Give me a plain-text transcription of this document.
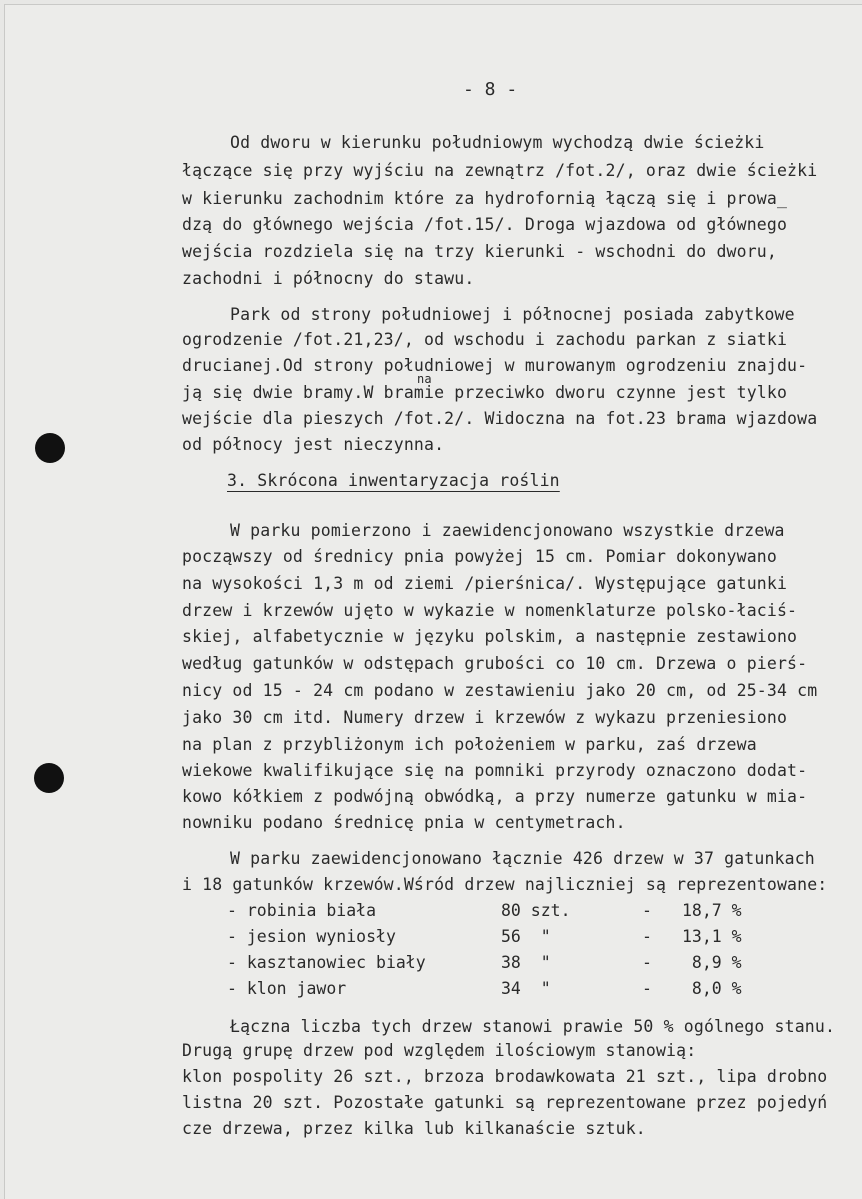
- 8 -
Od dworu w kierunku południowym wychodzą dwie ścieżki
łączące się przy wyjściu na zewnątrz /fot.2/, oraz dwie ścieżki
w kierunku zachodnim które za hydrofornią łączą się i prowa_
dzą do głównego wejścia /fot.15/. Droga wjazdowa od głównego
wejścia rozdziela się na trzy kierunki - wschodni do dworu,
zachodni i północny do stawu.
Park od strony południowej i północnej posiada zabytkowe
ogrodzenie /fot.21,23/, od wschodu i zachodu parkan z siatki
drucianej.Od strony południowej w murowanym ogrodzeniu znajdu-
ją się dwie bramy.W bramie przeciwko dworu czynne jest tylko
na
wejście dla pieszych /fot.2/. Widoczna na fot.23 brama wjazdowa
od północy jest nieczynna.
3. Skrócona inwentaryzacja roślin
W parku pomierzono i zaewidencjonowano wszystkie drzewa
począwszy od średnicy pnia powyżej 15 cm. Pomiar dokonywano
na wysokości 1,3 m od ziemi /pierśnica/. Występujące gatunki
drzew i krzewów ujęto w wykazie w nomenklaturze polsko-łaciś-
skiej, alfabetycznie w języku polskim, a następnie zestawiono
według gatunków w odstępach grubości co 10 cm. Drzewa o pierś-
nicy od 15 - 24 cm podano w zestawieniu jako 20 cm, od 25-34 cm
jako 30 cm itd. Numery drzew i krzewów z wykazu przeniesiono
na plan z przybliżonym ich położeniem w parku, zaś drzewa
wiekowe kwalifikujące się na pomniki przyrody oznaczono dodat-
kowo kółkiem z podwójną obwódką, a przy numerze gatunku w mia-
nowniku podano średnicę pnia w centymetrach.
W parku zaewidencjonowano łącznie 426 drzew w 37 gatunkach
i 18 gatunków krzewów.Wśród drzew najliczniej są reprezentowane:
- robinia biała	80 szt.	- 18,7 %
- jesion wyniosły	56  "	- 13,1 %
- kasztanowiec biały	38  "	- 8,9 %
- klon jawor	34  "	- 8,0 %
Łączna liczba tych drzew stanowi prawie 50 % ogólnego stanu.
Drugą grupę drzew pod względem ilościowym stanowią:
klon pospolity 26 szt., brzoza brodawkowata 21 szt., lipa drobno
listna 20 szt. Pozostałe gatunki są reprezentowane przez pojedyń
cze drzewa, przez kilka lub kilkanaście sztuk.
